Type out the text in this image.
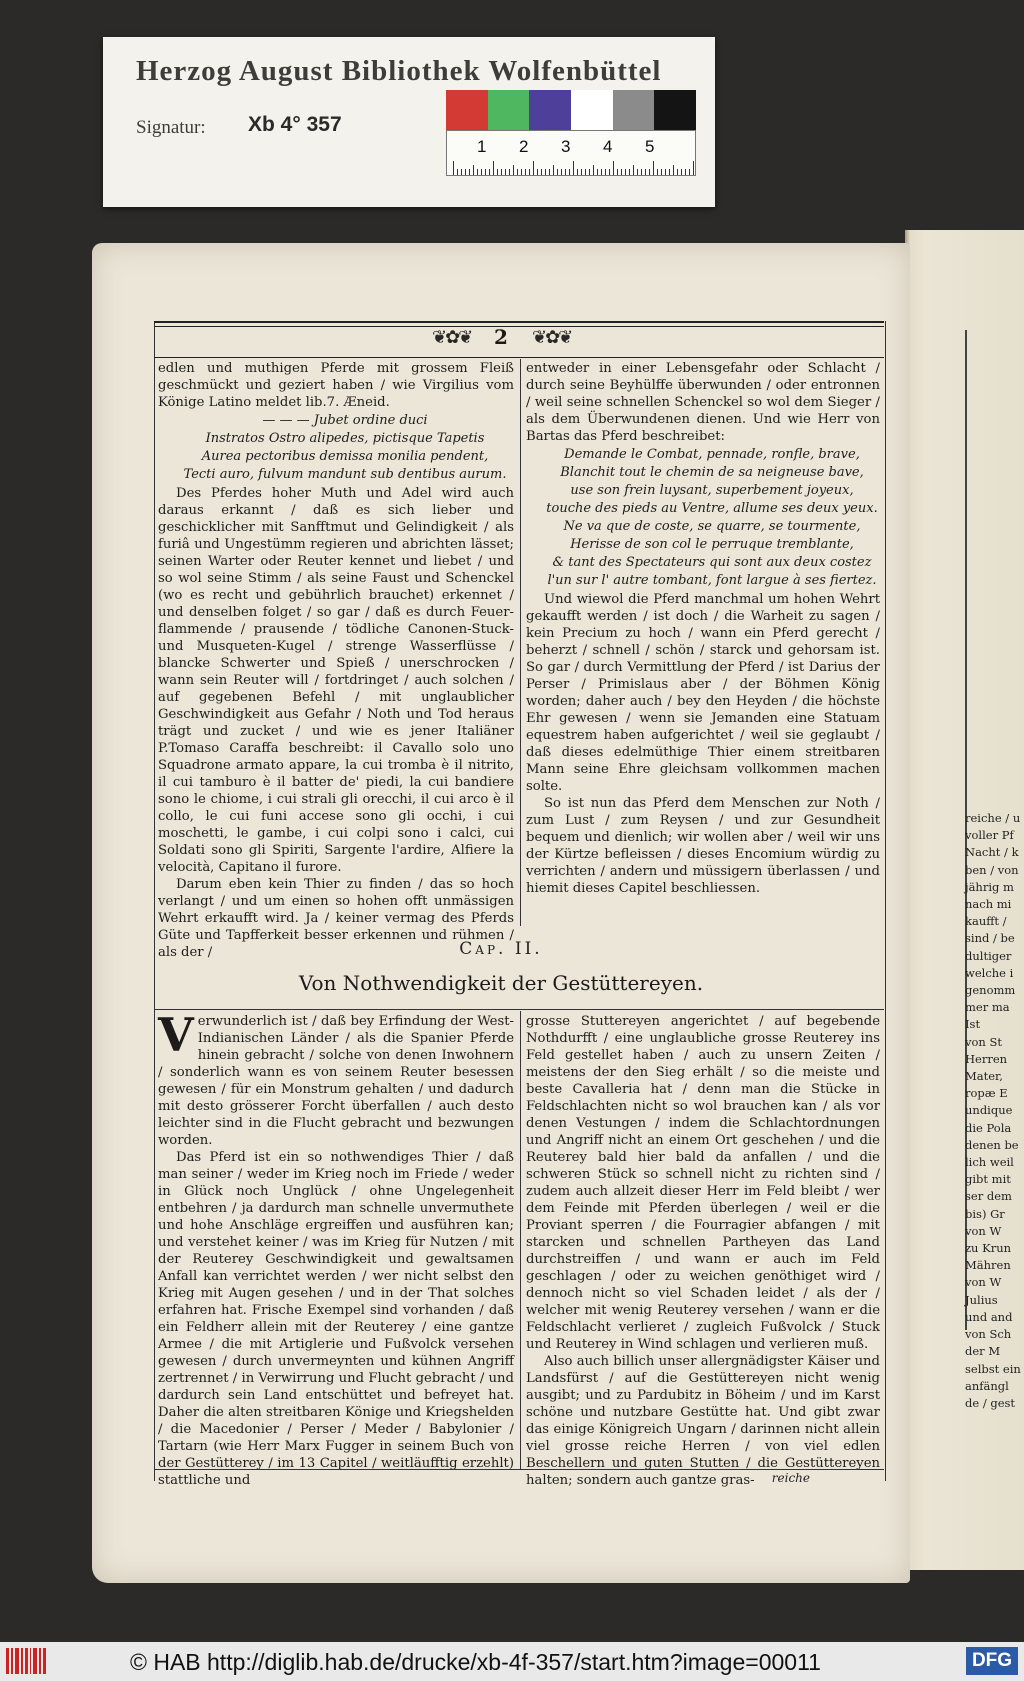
Herzog August Bibliothek Wolfenbüttel
Signatur: Xb 4° 357
1 2 3 4 5
reiche / u
voller Pf
Nacht / k
ben / von
jährig m
nach mi
kaufft /
sind / be
dultiger
welche i
genomm
mer ma
Ist
von St
Herren
Mater,
ropæ E
undique
die Pola
denen be
lich weil
gibt mit
ser dem
bis) Gr
von W
zu Krun
Mähren
von W
Julius
und and
von Sch
der M
selbst ein
anfängl
de / gest
❦✿❦	2	❦✿❦

edlen und muthigen Pferde mit grossem Fleiß geschmückt und geziert haben / wie Virgilius vom Könige Latino meldet lib.7. Æneid.

— — — Jubet ordine duci

Instratos Ostro alipedes, pictisque Tapetis

Aurea pectoribus demissa monilia pendent,

Tecti auro, fulvum mandunt sub dentibus aurum.

Des Pferdes hoher Muth und Adel wird auch daraus erkannt / daß es sich lieber und geschicklicher mit Sanfftmut und Gelindigkeit / als furiâ und Ungestümm regieren und abrichten lässet; seinen Warter oder Reuter kennet und liebet / und so wol seine Stimm / als seine Faust und Schenckel (wo es recht und gebührlich brauchet) erkennet / und denselben folget / so gar / daß es durch Feuer-flammende / prausende / tödliche Canonen-Stuck- und Musqueten-Kugel / strenge Wasserflüsse / blancke Schwerter und Spieß / unerschrocken / wann sein Reuter will / fortdringet / auch solchen / auf gegebenen Befehl / mit unglaublicher Geschwindigkeit aus Gefahr / Noth und Tod heraus trägt und zucket / und wie es jener Italiäner P.Tomaso Caraffa beschreibt: il Cavallo solo uno Squadrone armato appare, la cui tromba è il nitrito, il cui tamburo è il batter de' piedi, la cui bandiere sono le chiome, i cui strali gli orecchi, il cui arco è il collo, le cui funi accese sono gli occhi, i cui moschetti, le gambe, i cui colpi sono i calci, cui Soldati sono gli Spiriti, Sargente l'ardire, Alfiere la velocità, Capitano il furore.

Darum eben kein Thier zu finden / das so hoch verlangt / und um einen so hohen offt unmässigen Wehrt erkaufft wird. Ja / keiner vermag des Pferds Güte und Tapfferkeit besser erkennen und rühmen / als der /

entweder in einer Lebensgefahr oder Schlacht / durch seine Beyhülffe überwunden / oder entronnen / weil seine schnellen Schenckel so wol dem Sieger / als dem Überwundenen dienen. Und wie Herr von Bartas das Pferd beschreibet:

Demande le Combat, pennade, ronfle, brave,

Blanchit tout le chemin de sa neigneuse bave,

use son frein luysant, superbement joyeux,

touche des pieds au Ventre, allume ses deux yeux.

Ne va que de coste, se quarre, se tourmente,

Herisse de son col le perruque tremblante,

& tant des Spectateurs qui sont aux deux costez

l'un sur l' autre tombant, font largue à ses fiertez.

Und wiewol die Pferd manchmal um hohen Wehrt gekaufft werden / ist doch / die Warheit zu sagen / kein Precium zu hoch / wann ein Pferd gerecht / beherzt / schnell / schön / starck und gehorsam ist. So gar / durch Vermittlung der Pferd / ist Darius der Perser / Primislaus aber / der Böhmen König worden; daher auch / bey den Heyden / die höchste Ehr gewesen / wenn sie Jemanden eine Statuam equestrem haben aufgerichtet / weil sie geglaubt / daß dieses edelmüthige Thier einem streitbaren Mann seine Ehre gleichsam vollkommen machen solte.

So ist nun das Pferd dem Menschen zur Noth / zum Lust / zum Reysen / und zur Gesundheit bequem und dienlich; wir wollen aber / weil wir uns der Kürtze befleissen / dieses Encomium würdig zu verrichten / andern und müssigern überlassen / und hiemit dieses Capitel beschliessen.

Cap. II.
Von Nothwendigkeit der Gestüttereyen.

Verwunderlich ist / daß bey Erfindung der West-Indianischen Länder / als die Spanier Pferde hinein gebracht / solche von denen Inwohnern / sonderlich wann es von seinem Reuter besessen gewesen / für ein Monstrum gehalten / und dadurch mit desto grösserer Forcht überfallen / auch desto leichter sind in die Flucht gebracht und bezwungen worden.

Das Pferd ist ein so nothwendiges Thier / daß man seiner / weder im Krieg noch im Friede / weder in Glück noch Unglück / ohne Ungelegenheit entbehren / ja dardurch man schnelle unvermuthete und hohe Anschläge ergreiffen und ausführen kan; und verstehet keiner / was im Krieg für Nutzen / mit der Reuterey Geschwindigkeit und gewaltsamen Anfall kan verrichtet werden / wer nicht selbst den Krieg mit Augen gesehen / und in der That solches erfahren hat. Frische Exempel sind vorhanden / daß ein Feldherr allein mit der Reuterey / eine gantze Armee / die mit Artiglerie und Fußvolck versehen gewesen / durch unvermeynten und kühnen Angriff zertrennet / in Verwirrung und Flucht gebracht / und dardurch sein Land entschüttet und befreyet hat. Daher die alten streitbaren Könige und Kriegshelden / die Macedonier / Perser / Meder / Babylonier / Tartarn (wie Herr Marx Fugger in seinem Buch von der Gestütterey / im 13 Capitel / weitläufftig erzehlt) stattliche und

grosse Stuttereyen angerichtet / auf begebende Nothdurfft / eine unglaubliche grosse Reuterey ins Feld gestellet haben / auch zu unsern Zeiten / meistens der den Sieg erhält / so die meiste und beste Cavalleria hat / denn man die Stücke in Feldschlachten nicht so wol brauchen kan / als vor denen Vestungen / indem die Schlachtordnungen und Angriff nicht an einem Ort geschehen / und die Reuterey bald hier bald da anfallen / und die schweren Stück so schnell nicht zu richten sind / zudem auch allzeit dieser Herr im Feld bleibt / wer dem Feinde mit Pferden überlegen / weil er die Proviant sperren / die Fourragier abfangen / mit starcken und schnellen Partheyen das Land durchstreiffen / und wann er auch im Feld geschlagen / oder zu weichen genöthiget wird / dennoch nicht so viel Schaden leidet / als der / welcher mit wenig Reuterey versehen / wann er die Feldschlacht verlieret / zugleich Fußvolck / Stuck und Reuterey in Wind schlagen und verlieren muß.

Also auch billich unser allergnädigster Käiser und Landsfürst / auf die Gestüttereyen nicht wenig ausgibt; und zu Pardubitz in Böheim / und im Karst schöne und nutzbare Gestütte hat. Und gibt zwar das einige Königreich Ungarn / darinnen nicht allein viel grosse reiche Herren / von viel edlen Beschellern und guten Stutten / die Gestüttereyen halten; sondern auch gantze gras-	reiche
© HAB http://diglib.hab.de/drucke/xb-4f-357/start.htm?image=00011	DFG
